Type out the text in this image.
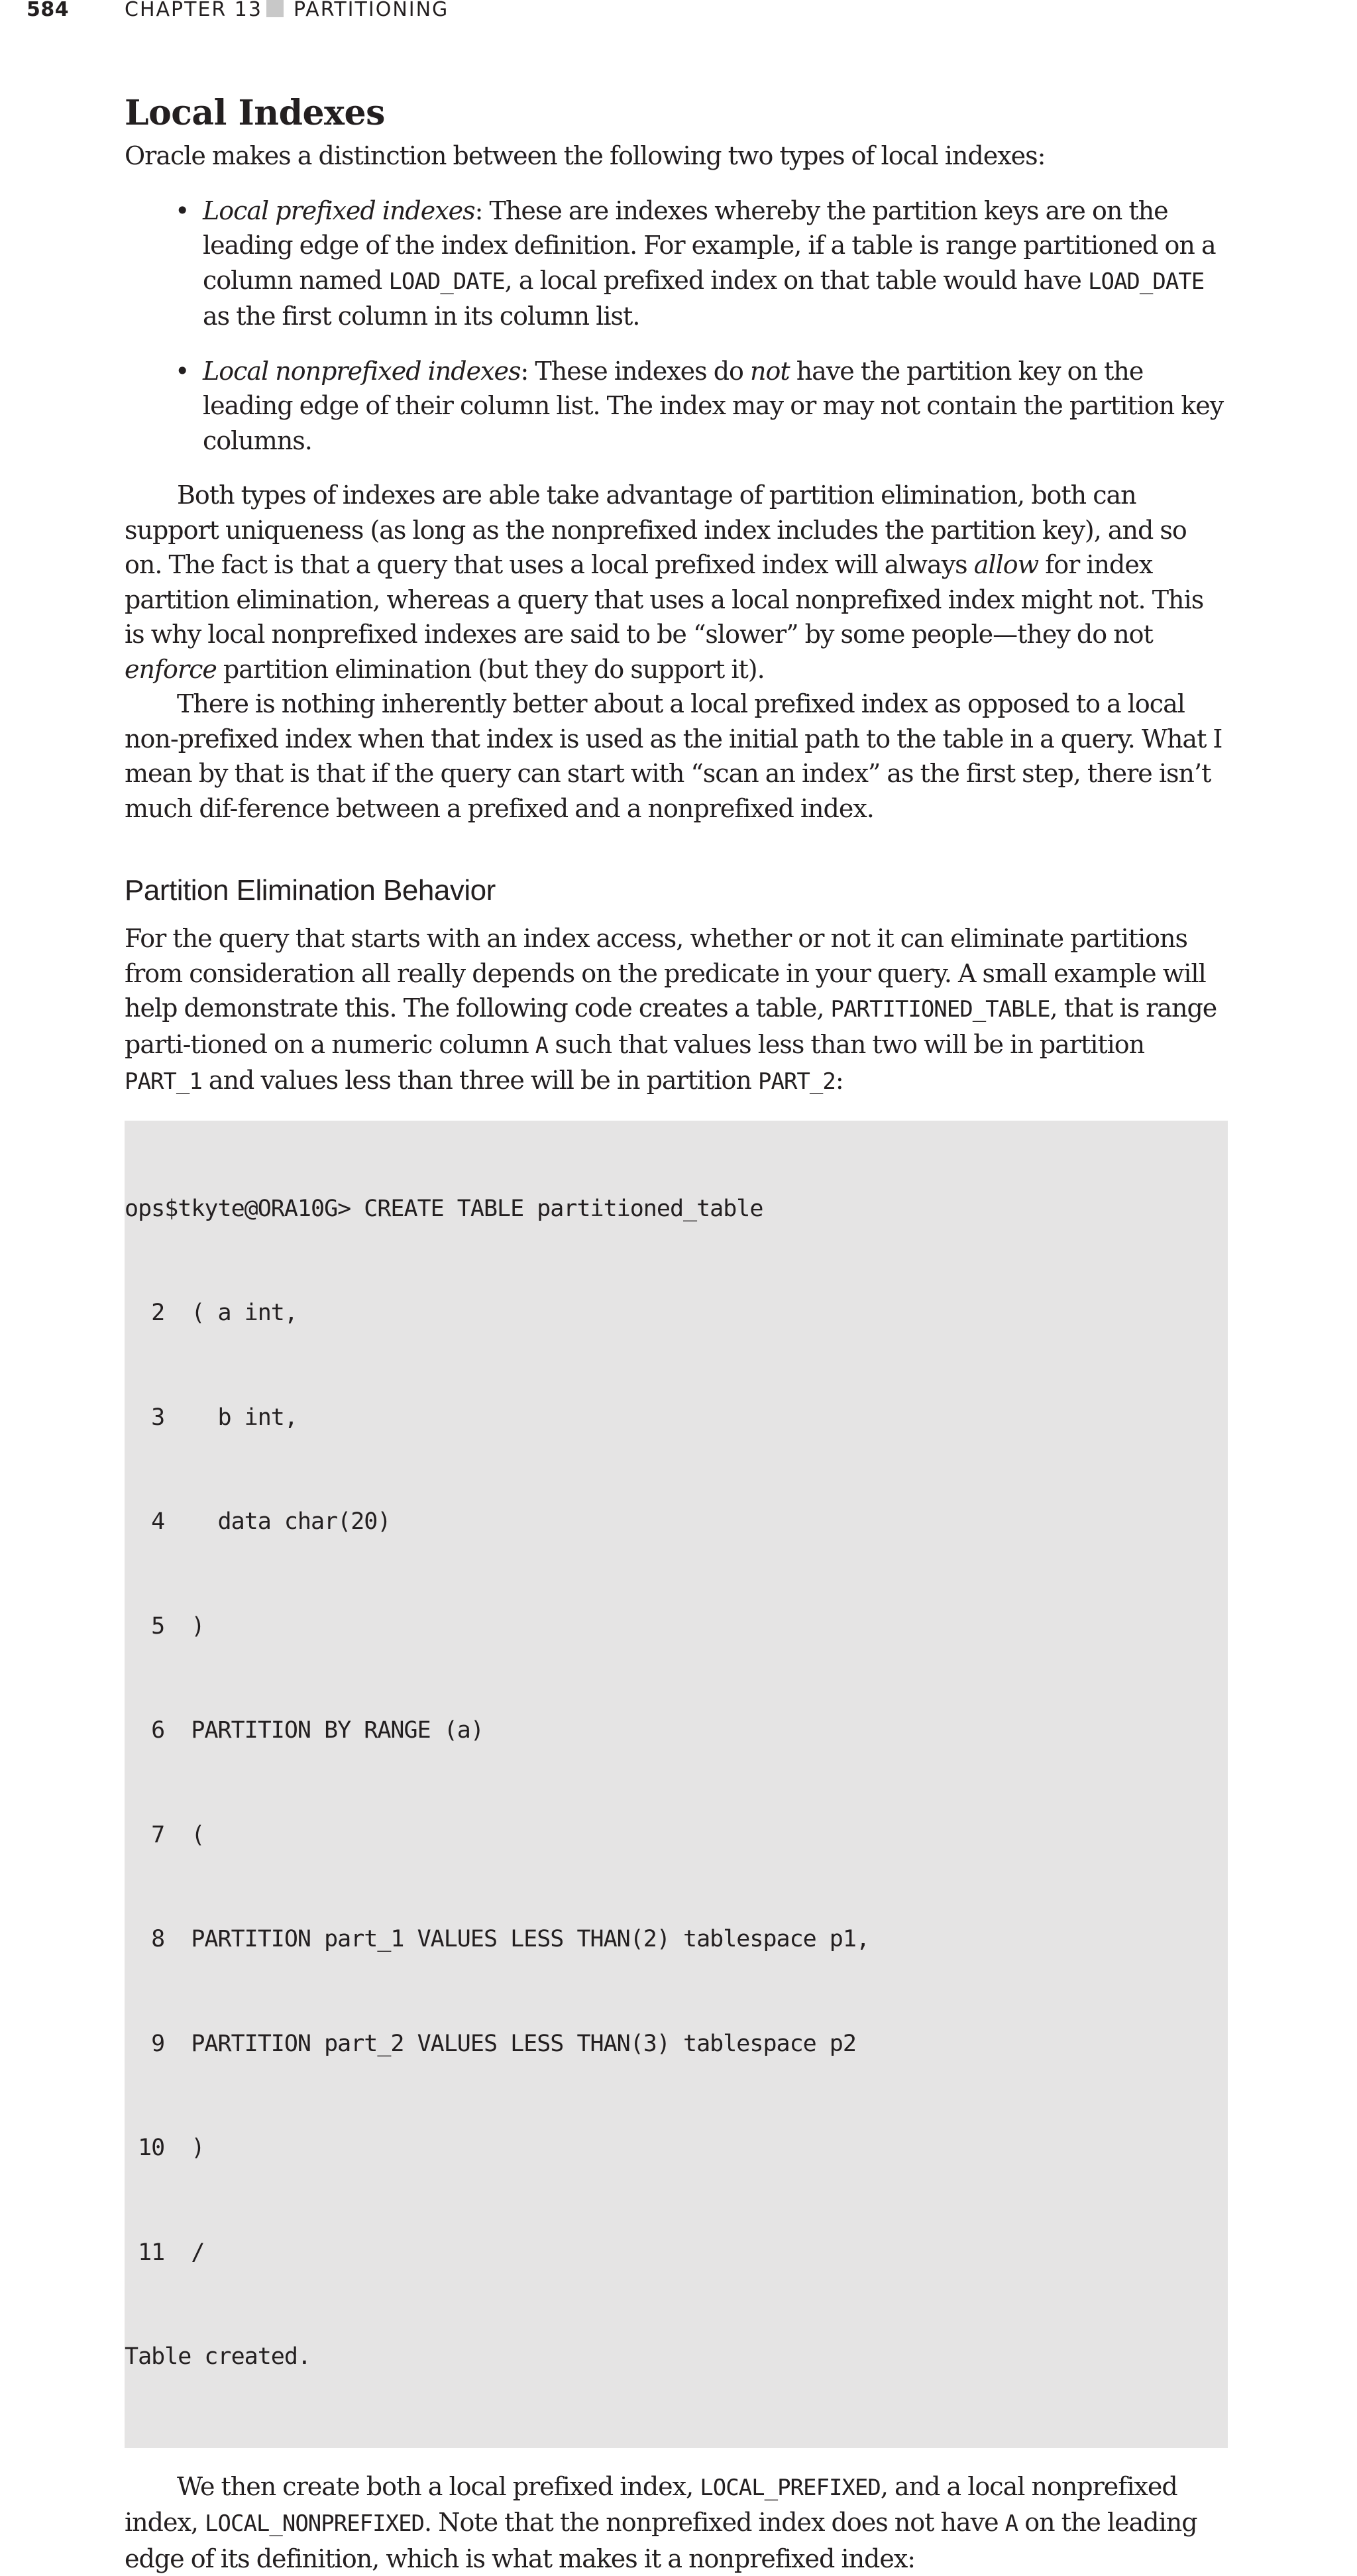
584	CHAPTER 13 PARTITIONING
Local Indexes

Oracle makes a distinction between the following two types of local indexes:

• Local prefixed indexes: These are indexes whereby the partition keys are on the leading edge of the index definition. For example, if a table is range partitioned on a column named LOAD_DATE, a local prefixed index on that table would have LOAD_DATE as the first column in its column list.
• Local nonprefixed indexes: These indexes do not have the partition key on the leading edge of their column list. The index may or may not contain the partition key columns.

Both types of indexes are able take advantage of partition elimination, both can support uniqueness (as long as the nonprefixed index includes the partition key), and so on. The fact is that a query that uses a local prefixed index will always allow for index partition elimination, whereas a query that uses a local nonprefixed index might not. This is why local nonprefixed indexes are said to be “slower” by some people—they do not enforce partition elimination (but they do support it).

There is nothing inherently better about a local prefixed index as opposed to a local non-prefixed index when that index is used as the initial path to the table in a query. What I mean by that is that if the query can start with “scan an index” as the first step, there isn’t much dif-ference between a prefixed and a nonprefixed index.

Partition Elimination Behavior

For the query that starts with an index access, whether or not it can eliminate partitions from consideration all really depends on the predicate in your query. A small example will help demonstrate this. The following code creates a table, PARTITIONED_TABLE, that is range parti-tioned on a numeric column A such that values less than two will be in partition PART_1 and values less than three will be in partition PART_2:

ops$tkyte@ORA10G> CREATE TABLE partitioned_table

2  ( a int,

3    b int,

4    data char(20)

5  )

6  PARTITION BY RANGE (a)

7  (

8  PARTITION part_1 VALUES LESS THAN(2) tablespace p1,

9  PARTITION part_2 VALUES LESS THAN(3) tablespace p2

10  )

11  /

Table created.

We then create both a local prefixed index, LOCAL_PREFIXED, and a local nonprefixed index, LOCAL_NONPREFIXED. Note that the nonprefixed index does not have A on the leading edge of its definition, which is what makes it a nonprefixed index:
